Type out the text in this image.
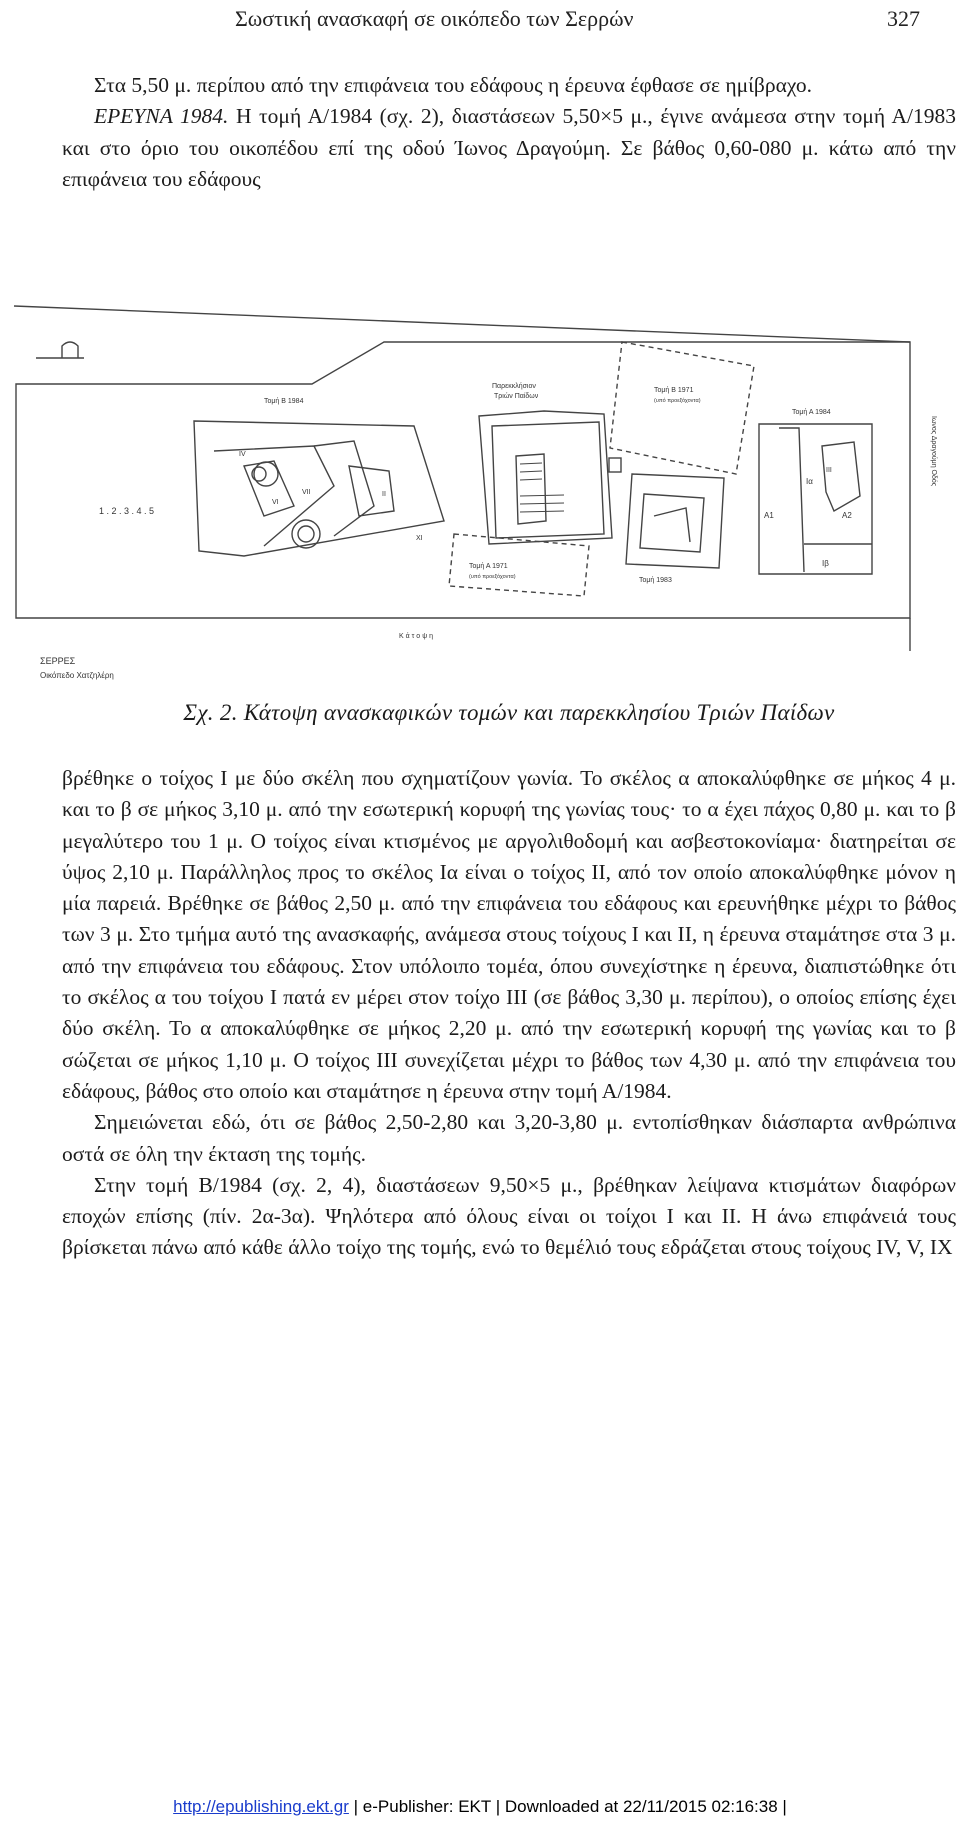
Σωστική ανασκαφή σε οικόπεδο των Σερρών	327

Στα 5,50 μ. περίπου από την επιφάνεια του εδάφους η έρευνα έφθασε σε ημίβραχο.

ΕΡΕΥΝΑ 1984. Η τομή Α/1984 (σχ. 2), διαστάσεων 5,50×5 μ., έγινε ανάμεσα στην τομή Α/1983 και στο όριο του οικοπέδου επί της οδού Ίωνος Δραγούμη. Σε βάθος 0,60-080 μ. κάτω από την επιφάνεια του εδάφους

1 . 2 . 3 . 4 . 5
Τομή Β 1984
Παρεκκλήσιον
Τριών Παίδων
Τομή Β 1971
(υπό προεξόχοντα)
Τομή Α 1984
Τομή Α 1971
(υπό προεξόχοντα)	Τομή 1983
Α1	Α2
Ια
Ιβ
III
IV
VI
VII
XI
II
Κάτοψη
ΣΕΡΡΕΣ
Οικόπεδο Χατζηλέρη
Ιωνος Δραγούμη Οδός
Σχ. 2. Κάτοψη ανασκαφικών τομών και παρεκκλησίου Τριών Παίδων

βρέθηκε ο τοίχος Ι με δύο σκέλη που σχηματίζουν γωνία. Το σκέλος α αποκαλύφθηκε σε μήκος 4 μ. και το β σε μήκος 3,10 μ. από την εσωτερική κορυφή της γωνίας τους· το α έχει πάχος 0,80 μ. και το β μεγαλύτερο του 1 μ. Ο τοίχος είναι κτισμένος με αργολιθοδομή και ασβεστοκονίαμα· διατηρείται σε ύψος 2,10 μ. Παράλληλος προς το σκέλος Ια είναι ο τοίχος ΙΙ, από τον οποίο αποκαλύφθηκε μόνον η μία παρειά. Βρέθηκε σε βάθος 2,50 μ. από την επιφάνεια του εδάφους και ερευνήθηκε μέχρι το βάθος των 3 μ. Στο τμήμα αυτό της ανασκαφής, ανάμεσα στους τοίχους Ι και ΙΙ, η έρευνα σταμάτησε στα 3 μ. από την επιφάνεια του εδάφους. Στον υπόλοιπο τομέα, όπου συνεχίστηκε η έρευνα, διαπιστώθηκε ότι το σκέλος α του τοίχου Ι πατά εν μέρει στον τοίχο ΙΙΙ (σε βάθος 3,30 μ. περίπου), ο οποίος επίσης έχει δύο σκέλη. Το α αποκαλύφθηκε σε μήκος 2,20 μ. από την εσωτερική κορυφή της γωνίας και το β σώζεται σε μήκος 1,10 μ. Ο τοίχος ΙΙΙ συνεχίζεται μέχρι το βάθος των 4,30 μ. από την επιφάνεια του εδάφους, βάθος στο οποίο και σταμάτησε η έρευνα στην τομή Α/1984.

Σημειώνεται εδώ, ότι σε βάθος 2,50-2,80 και 3,20-3,80 μ. εντοπίσθηκαν διάσπαρτα ανθρώπινα οστά σε όλη την έκταση της τομής.

Στην τομή Β/1984 (σχ. 2, 4), διαστάσεων 9,50×5 μ., βρέθηκαν λείψανα κτισμάτων διαφόρων εποχών επίσης (πίν. 2α-3α). Ψηλότερα από όλους είναι οι τοίχοι Ι και ΙΙ. Η άνω επιφάνειά τους βρίσκεται πάνω από κάθε άλλο τοίχο της τομής, ενώ το θεμέλιό τους εδράζεται στους τοίχους IV, V, IX

http://epublishing.ekt.gr | e-Publisher: EKT | Downloaded at 22/11/2015 02:16:38 |
